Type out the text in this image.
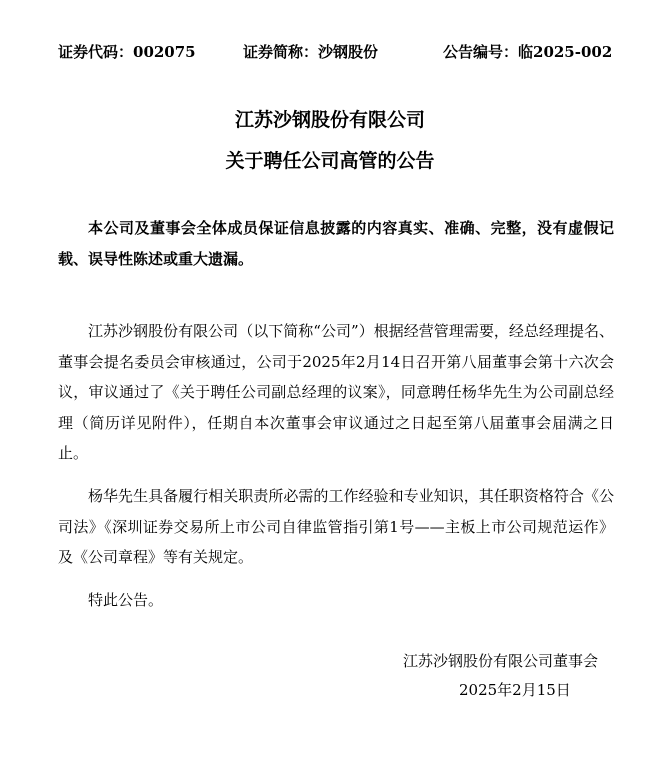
证券代码：002075	证券简称：沙钢股份	公告编号：临2025-002
江苏沙钢股份有限公司
关于聘任公司高管的公告

本公司及董事会全体成员保证信息披露的内容真实、准确、完整，没有虚假记载、误导性陈述或重大遗漏。

江苏沙钢股份有限公司（以下简称“公司”）根据经营管理需要，经总经理提名、董事会提名委员会审核通过，公司于2025年2月14日召开第八届董事会第十六次会议，审议通过了《关于聘任公司副总经理的议案》，同意聘任杨华先生为公司副总经理（简历详见附件），任期自本次董事会审议通过之日起至第八届董事会届满之日止。

杨华先生具备履行相关职责所必需的工作经验和专业知识，其任职资格符合《公司法》《深圳证券交易所上市公司自律监管指引第1号——主板上市公司规范运作》及《公司章程》等有关规定。

特此公告。

江苏沙钢股份有限公司董事会
2025年2月15日
